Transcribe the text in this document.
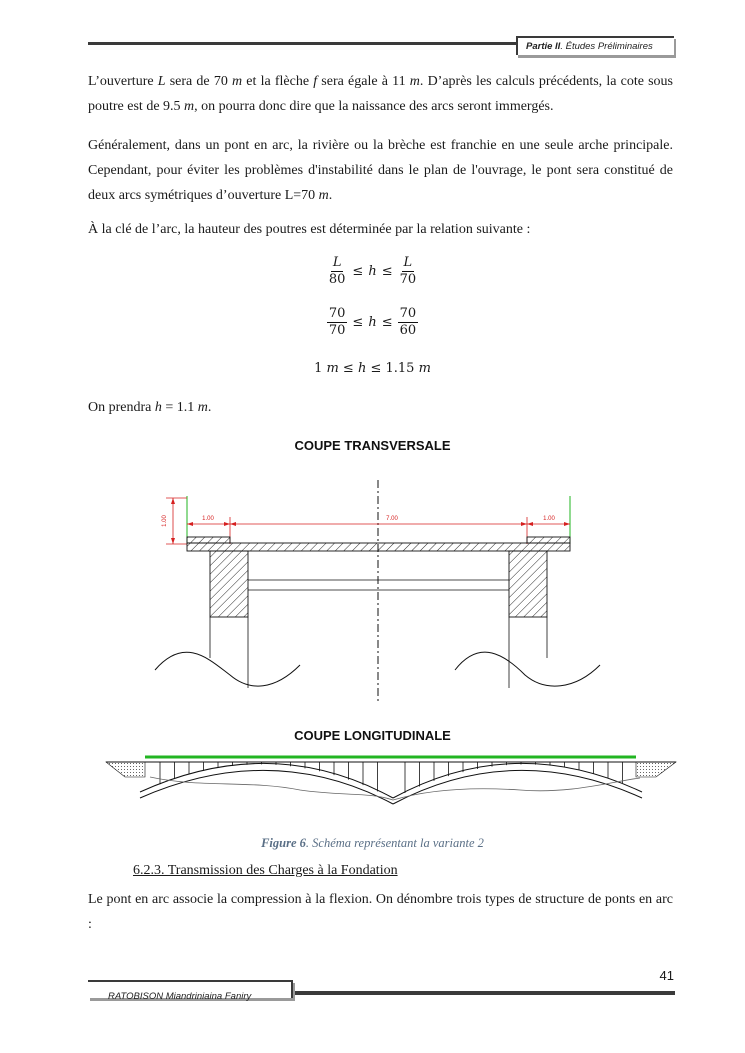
Partie II . Études Préliminaires

L’ouverture L sera de 70 m et la flèche f sera égale à 11 m. D’après les calculs précédents, la cote sous poutre est de 9.5 m, on pourra donc dire que la naissance des arcs seront immergés.

Généralement, dans un pont en arc, la rivière ou la brèche est franchie en une seule arche principale. Cependant, pour éviter les problèmes d'instabilité dans le plan de l'ouvrage, le pont sera constitué de deux arcs symétriques d’ouverture L=70 m.

À la clé de l’arc, la hauteur des poutres est déterminée par la relation suivante :

$\frac{L}{80} \le h \le \frac{L}{70}$
$\frac{70}{70} \le h \le \frac{70}{60}$
1 m ≤ h ≤ 1.15 m

On prendra h = 1.1 m.

COUPE TRANSVERSALE
1.00	7.00	1.00
1.00
COUPE LONGITUDINALE
Figure 6. Schéma représentant la variante 2
6.2.3. Transmission des Charges à la Fondation

Le pont en arc associe la compression à la flexion. On dénombre trois types de structure de ponts en arc :

41
RATOBISON Miandriniaina Faniry
